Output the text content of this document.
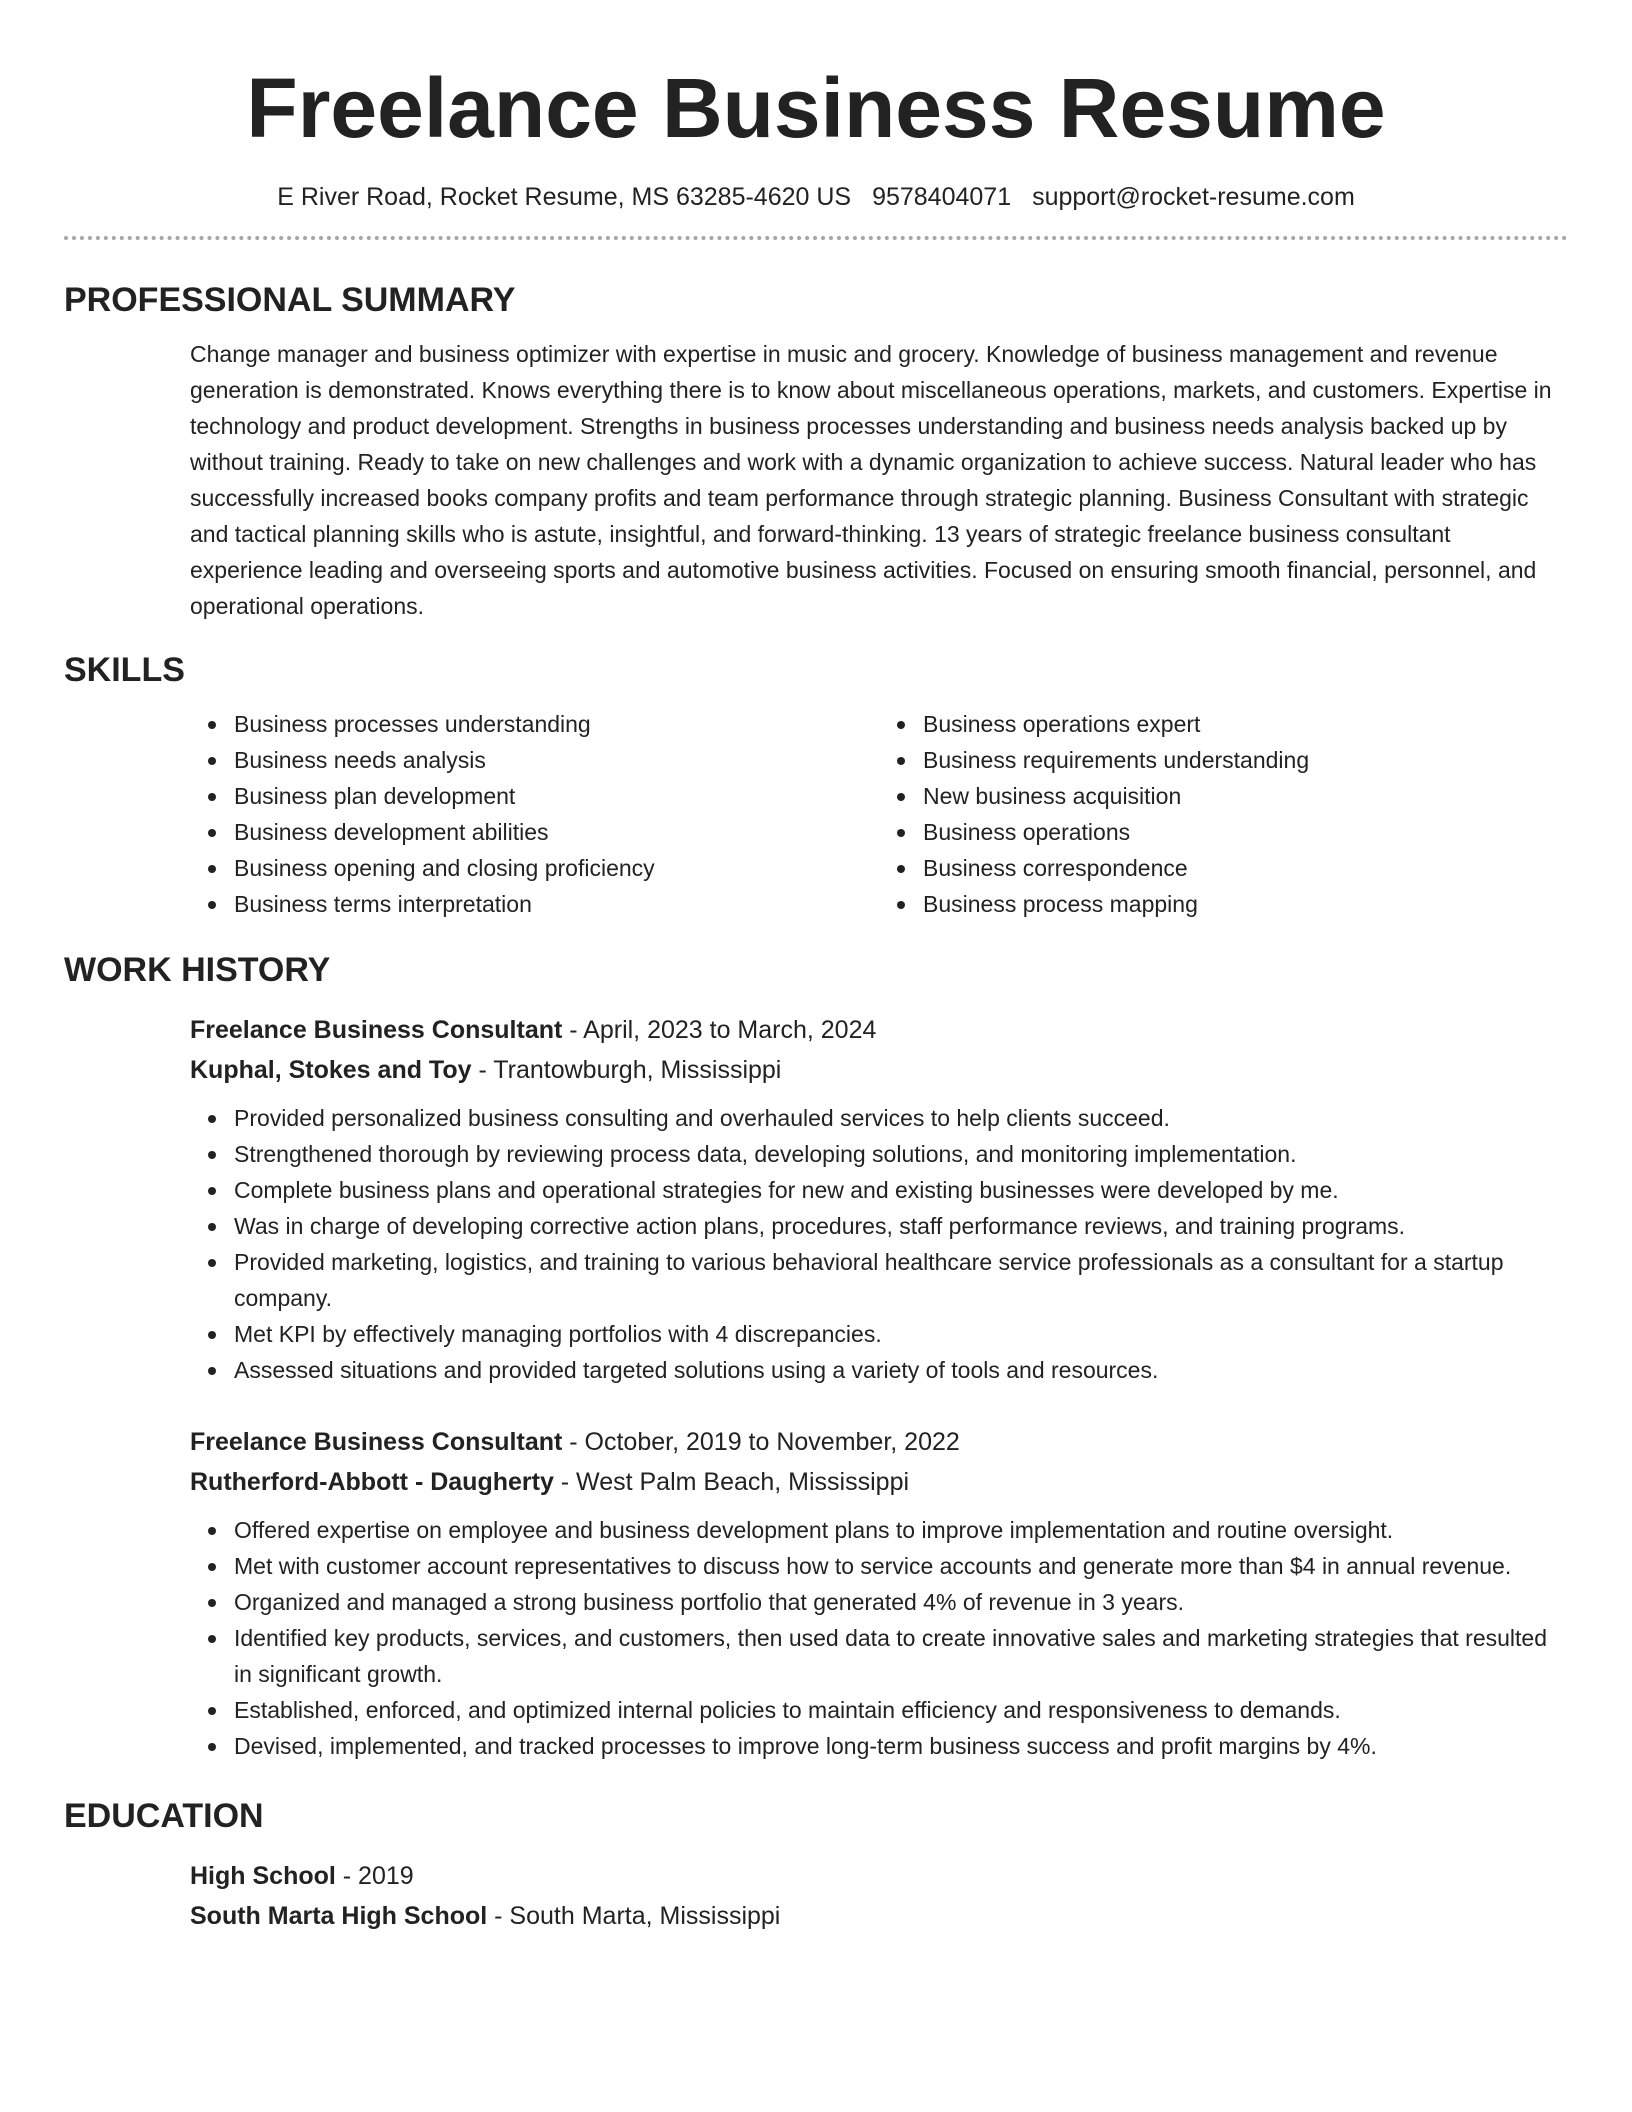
Freelance Business Resume
E River Road, Rocket Resume, MS 63285-4620 US 9578404071 support@rocket-resume.com
PROFESSIONAL SUMMARY

Change manager and business optimizer with expertise in music and grocery. Knowledge of business management and revenue generation is demonstrated. Knows everything there is to know about miscellaneous operations, markets, and customers. Expertise in technology and product development. Strengths in business processes understanding and business needs analysis backed up by without training. Ready to take on new challenges and work with a dynamic organization to achieve success. Natural leader who has successfully increased books company profits and team performance through strategic planning. Business Consultant with strategic and tactical planning skills who is astute, insightful, and forward-thinking. 13 years of strategic freelance business consultant experience leading and overseeing sports and automotive business activities. Focused on ensuring smooth financial, personnel, and operational operations.

SKILLS
Business processes understanding
Business needs analysis
Business plan development
Business development abilities
Business opening and closing proficiency
Business terms interpretation
Business operations expert
Business requirements understanding
New business acquisition
Business operations
Business correspondence
Business process mapping
WORK HISTORY
Freelance Business Consultant - April, 2023 to March, 2024
Kuphal, Stokes and Toy - Trantowburgh, Mississippi
Provided personalized business consulting and overhauled services to help clients succeed.
Strengthened thorough by reviewing process data, developing solutions, and monitoring implementation.
Complete business plans and operational strategies for new and existing businesses were developed by me.
Was in charge of developing corrective action plans, procedures, staff performance reviews, and training programs.
Provided marketing, logistics, and training to various behavioral healthcare service professionals as a consultant for a startup company.
Met KPI by effectively managing portfolios with 4 discrepancies.
Assessed situations and provided targeted solutions using a variety of tools and resources.
Freelance Business Consultant - October, 2019 to November, 2022
Rutherford-Abbott - Daugherty - West Palm Beach, Mississippi
Offered expertise on employee and business development plans to improve implementation and routine oversight.
Met with customer account representatives to discuss how to service accounts and generate more than $4 in annual revenue.
Organized and managed a strong business portfolio that generated 4% of revenue in 3 years.
Identified key products, services, and customers, then used data to create innovative sales and marketing strategies that resulted in significant growth.
Established, enforced, and optimized internal policies to maintain efficiency and responsiveness to demands.
Devised, implemented, and tracked processes to improve long-term business success and profit margins by 4%.
EDUCATION
High School - 2019
South Marta High School - South Marta, Mississippi
